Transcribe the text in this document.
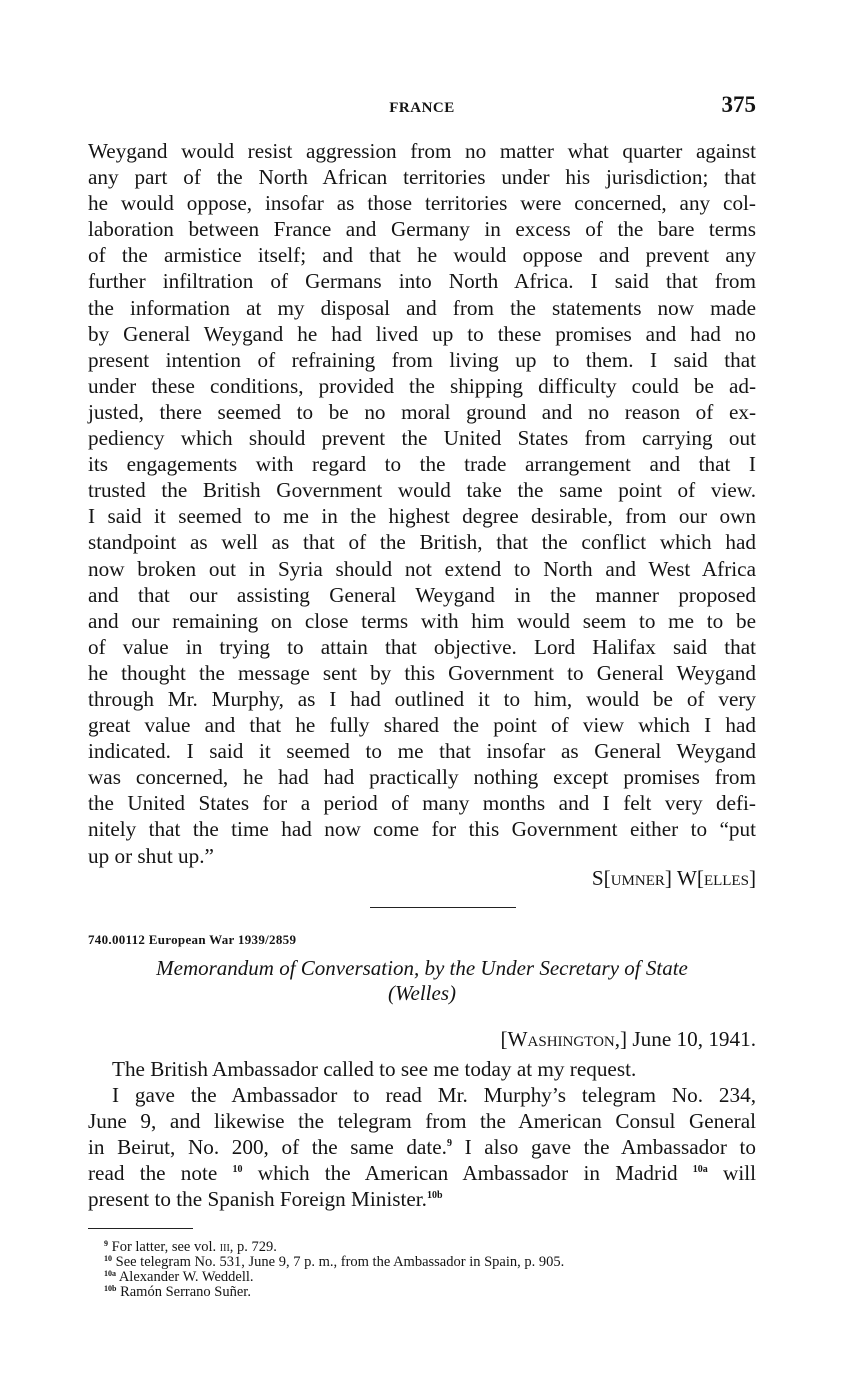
FRANCE	375
Weygand would resist aggression from no matter what quarter against
any part of the North African territories under his jurisdiction; that
he would oppose, insofar as those territories were concerned, any col-
laboration between France and Germany in excess of the bare terms
of the armistice itself; and that he would oppose and prevent any
further infiltration of Germans into North Africa. I said that from
the information at my disposal and from the statements now made
by General Weygand he had lived up to these promises and had no
present intention of refraining from living up to them. I said that
under these conditions, provided the shipping difficulty could be ad-
justed, there seemed to be no moral ground and no reason of ex-
pediency which should prevent the United States from carrying out
its engagements with regard to the trade arrangement and that I
trusted the British Government would take the same point of view.
I said it seemed to me in the highest degree desirable, from our own
standpoint as well as that of the British, that the conflict which had
now broken out in Syria should not extend to North and West Africa
and that our assisting General Weygand in the manner proposed
and our remaining on close terms with him would seem to me to be
of value in trying to attain that objective. Lord Halifax said that
he thought the message sent by this Government to General Weygand
through Mr. Murphy, as I had outlined it to him, would be of very
great value and that he fully shared the point of view which I had
indicated. I said it seemed to me that insofar as General Weygand
was concerned, he had had practically nothing except promises from
the United States for a period of many months and I felt very defi-
nitely that the time had now come for this Government either to “put
up or shut up.”
S[umner] W[elles]
740.00112 European War 1939/2859
Memorandum of Conversation, by the Under Secretary of State
(Welles)
[Washington,] June 10, 1941.
The British Ambassador called to see me today at my request.
I gave the Ambassador to read Mr. Murphy’s telegram No. 234,
June 9, and likewise the telegram from the American Consul General
in Beirut, No. 200, of the same date.$^9$ I also gave the Ambassador to
read the note $^{10}$ which the American Ambassador in Madrid $^{10a}$ will
present to the Spanish Foreign Minister.$^{10b}$
$^9$ For latter, see vol. iii, p. 729.
$^{10}$ See telegram No. 531, June 9, 7 p. m., from the Ambassador in Spain, p. 905.
$^{10a}$ Alexander W. Weddell.
$^{10b}$ Ramón Serrano Suñer.
